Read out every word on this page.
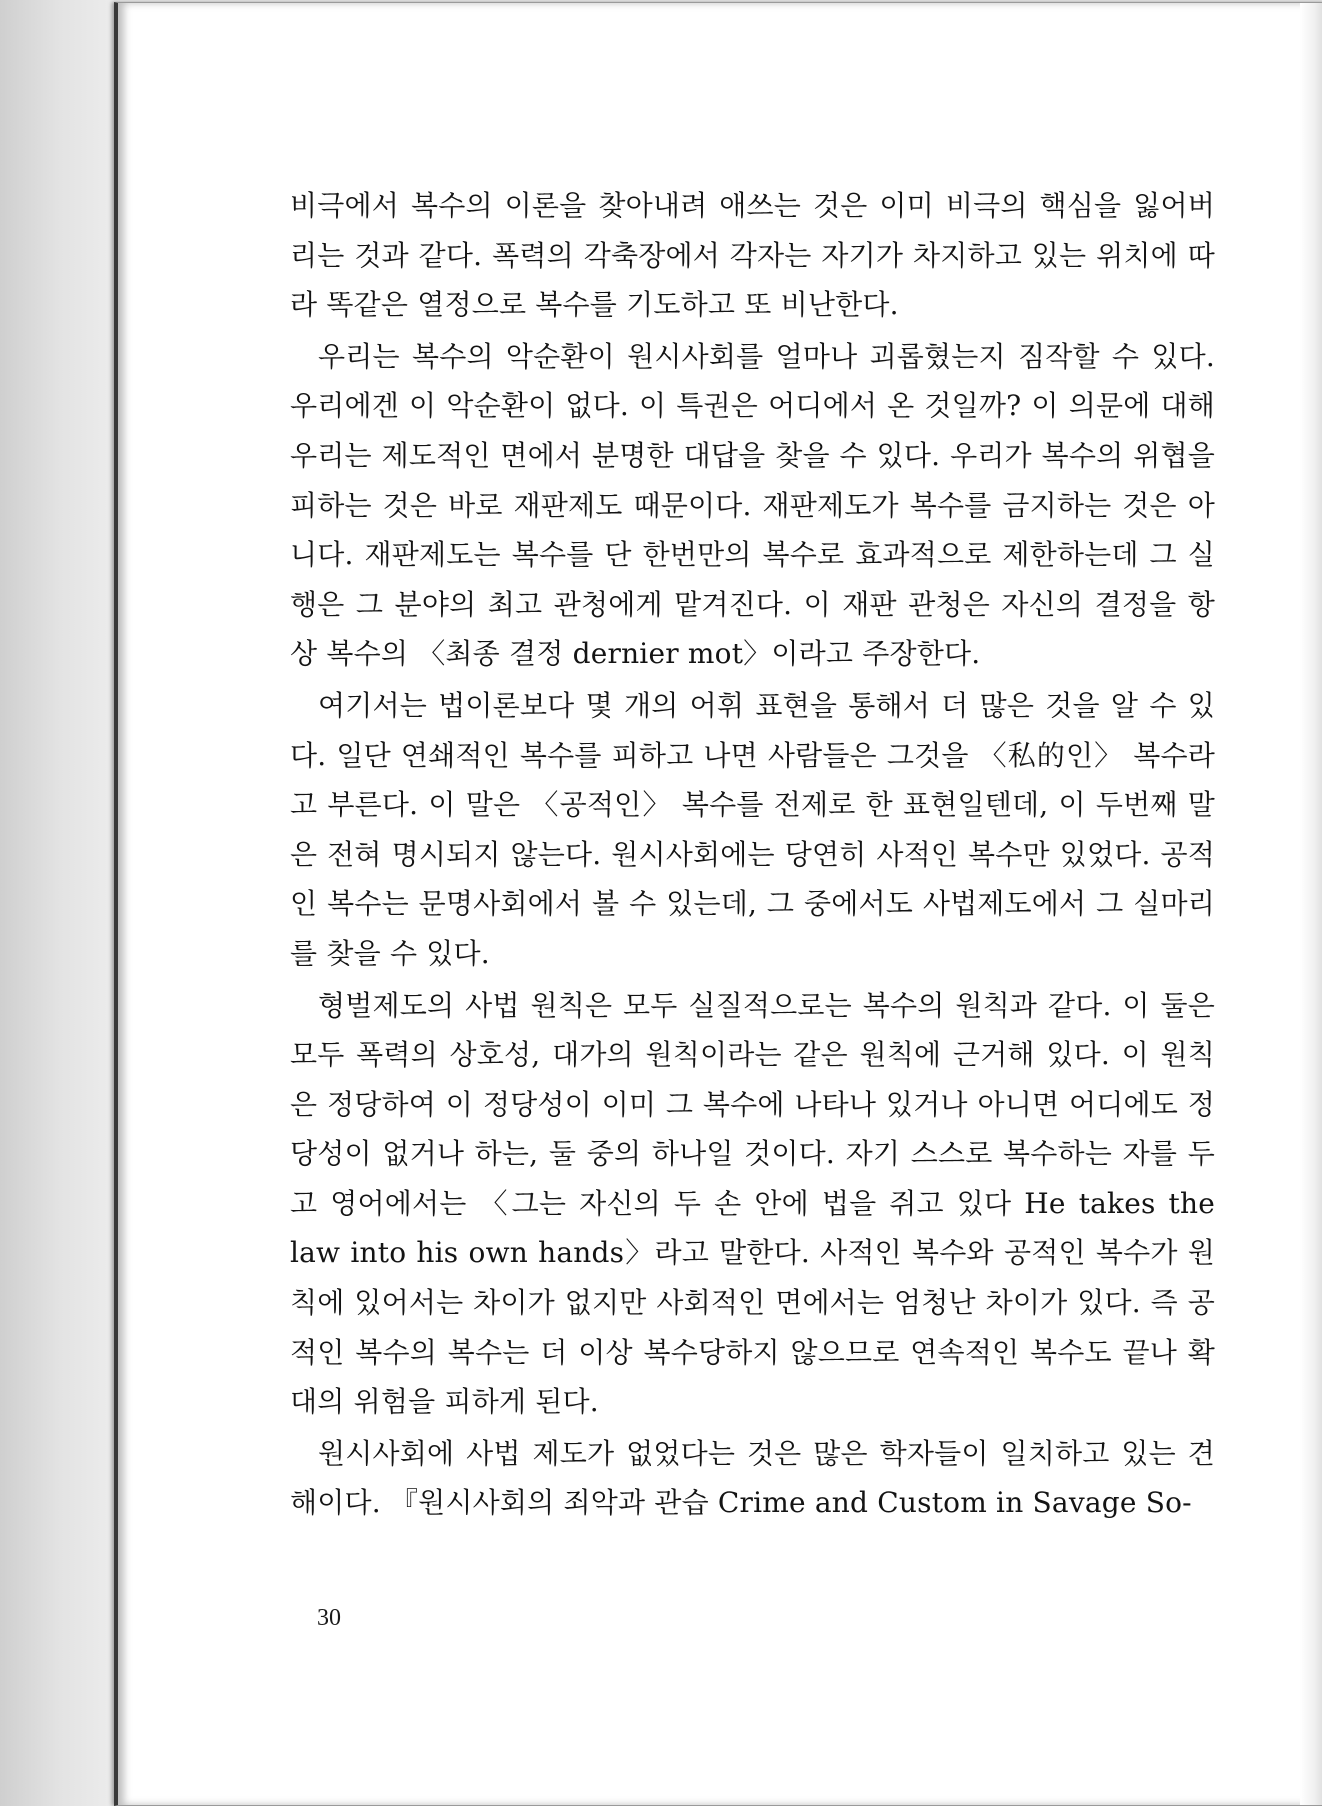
비극에서 복수의 이론을 찾아내려 애쓰는 것은 이미 비극의 핵심을 잃어버리는 것과 같다. 폭력의 각축장에서 각자는 자기가 차지하고 있는 위치에 따라 똑같은 열정으로 복수를 기도하고 또 비난한다.

우리는 복수의 악순환이 원시사회를 얼마나 괴롭혔는지 짐작할 수 있다. 우리에겐 이 악순환이 없다. 이 특권은 어디에서 온 것일까? 이 의문에 대해 우리는 제도적인 면에서 분명한 대답을 찾을 수 있다. 우리가 복수의 위협을 피하는 것은 바로 재판제도 때문이다. 재판제도가 복수를 금지하는 것은 아니다. 재판제도는 복수를 단 한번만의 복수로 효과적으로 제한하는데 그 실행은 그 분야의 최고 관청에게 맡겨진다. 이 재판 관청은 자신의 결정을 항상 복수의 〈최종 결정 dernier mot〉이라고 주장한다.

여기서는 법이론보다 몇 개의 어휘 표현을 통해서 더 많은 것을 알 수 있다. 일단 연쇄적인 복수를 피하고 나면 사람들은 그것을 〈私的인〉 복수라고 부른다. 이 말은 〈공적인〉 복수를 전제로 한 표현일텐데, 이 두번째 말은 전혀 명시되지 않는다. 원시사회에는 당연히 사적인 복수만 있었다. 공적인 복수는 문명사회에서 볼 수 있는데, 그 중에서도 사법제도에서 그 실마리를 찾을 수 있다.

형벌제도의 사법 원칙은 모두 실질적으로는 복수의 원칙과 같다. 이 둘은 모두 폭력의 상호성, 대가의 원칙이라는 같은 원칙에 근거해 있다. 이 원칙은 정당하여 이 정당성이 이미 그 복수에 나타나 있거나 아니면 어디에도 정당성이 없거나 하는, 둘 중의 하나일 것이다. 자기 스스로 복수하는 자를 두고 영어에서는 〈그는 자신의 두 손 안에 법을 쥐고 있다 He takes the law into his own hands〉라고 말한다. 사적인 복수와 공적인 복수가 원칙에 있어서는 차이가 없지만 사회적인 면에서는 엄청난 차이가 있다. 즉 공적인 복수의 복수는 더 이상 복수당하지 않으므로 연속적인 복수도 끝나 확대의 위험을 피하게 된다.

원시사회에 사법 제도가 없었다는 것은 많은 학자들이 일치하고 있는 견해이다. 『원시사회의 죄악과 관습 Crime and Custom in Savage So-

30
